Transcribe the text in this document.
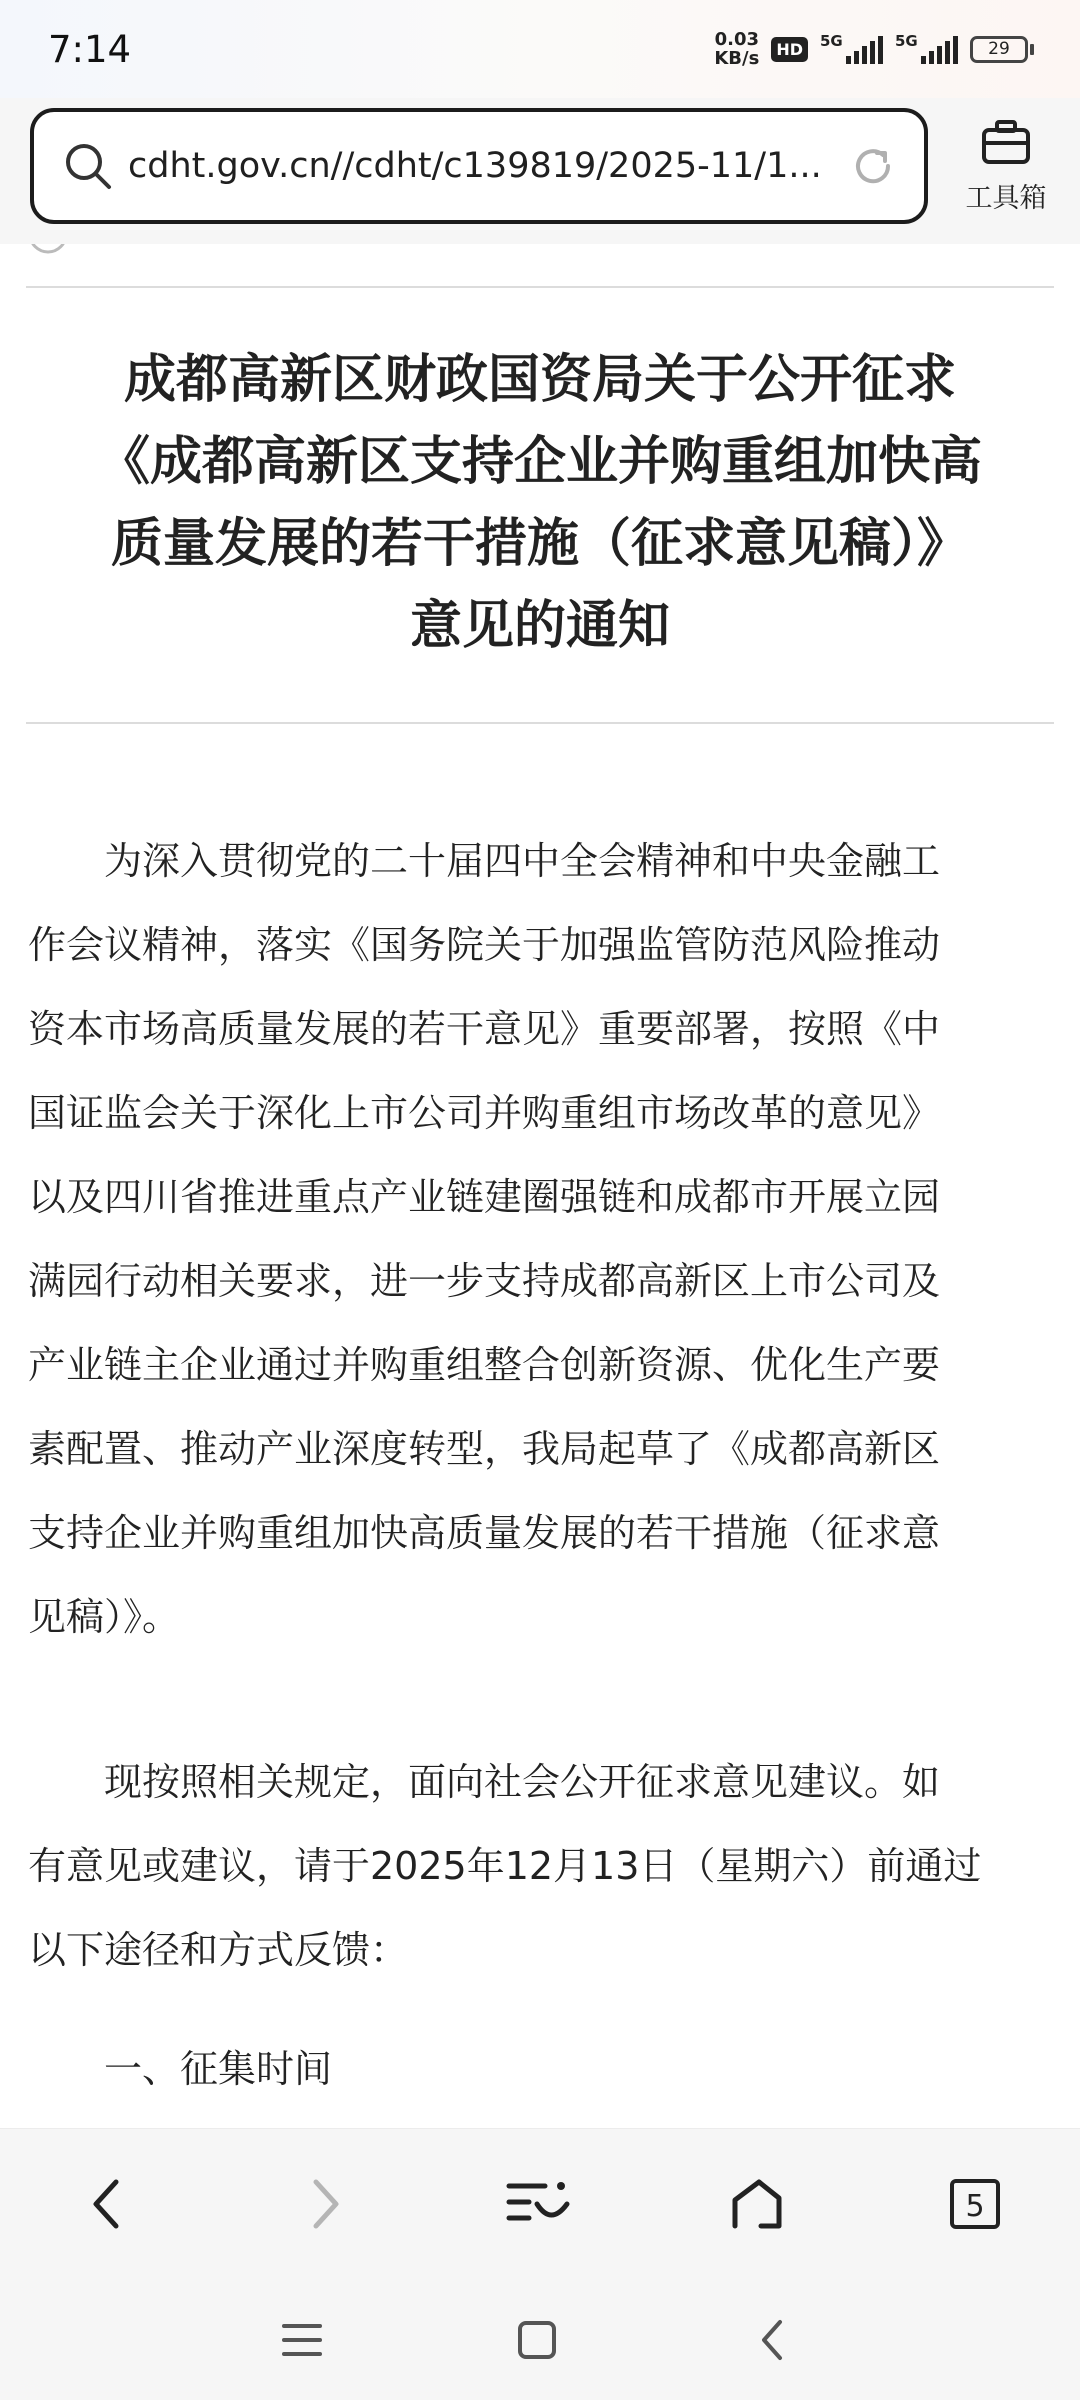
7:14	0.03
KB/s	HD	5G	5G	29
cdht.gov.cn//cdht/c139819/2025-11/1...
工具箱
成都高新区财政国资局关于公开征求
《成都高新区支持企业并购重组加快高
质量发展的若干措施（征求意见稿）》
意见的通知
　　为深入贯彻党的二十届四中全会精神和中央金融工
作会议精神，落实《国务院关于加强监管防范风险推动
资本市场高质量发展的若干意见》重要部署，按照《中
国证监会关于深化上市公司并购重组市场改革的意见》
以及四川省推进重点产业链建圈强链和成都市开展立园
满园行动相关要求，进一步支持成都高新区上市公司及
产业链主企业通过并购重组整合创新资源、优化生产要
素配置、推动产业深度转型，我局起草了《成都高新区
支持企业并购重组加快高质量发展的若干措施（征求意
见稿）》。
　　现按照相关规定，面向社会公开征求意见建议。如
有意见或建议，请于2025年12月13日（星期六）前通过
以下途径和方式反馈：
　　一、征集时间
5
